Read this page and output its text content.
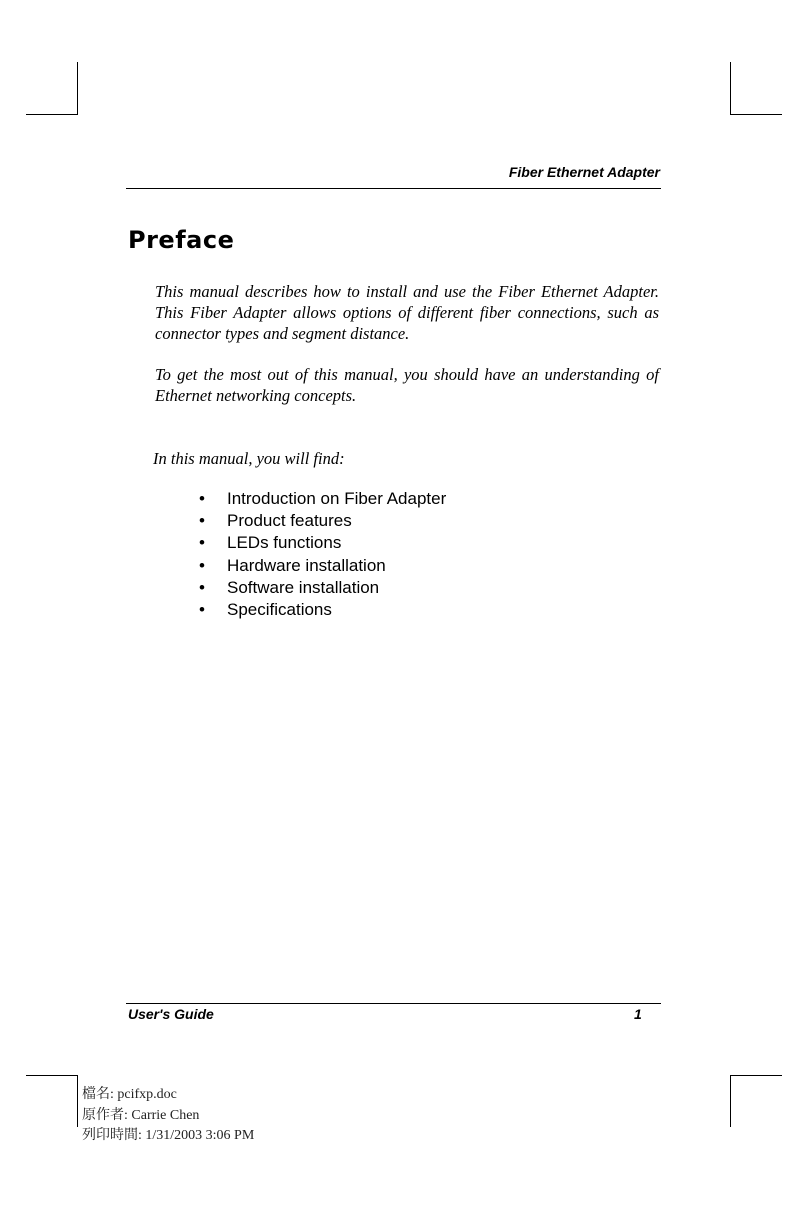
Fiber Ethernet Adapter
Preface

This manual describes how to install and use the Fiber Ethernet Adapter. This Fiber Adapter allows options of different fiber connections, such as connector types and segment distance.

To get the most out of this manual, you should have an understanding of Ethernet networking concepts.

In this manual, you will find:

• Introduction on Fiber Adapter
• Product features
• LEDs functions
• Hardware installation
• Software installation
• Specifications
User's Guide	1
檔名: pcifxp.doc
原作者: Carrie Chen
列印時間: 1/31/2003 3:06 PM
